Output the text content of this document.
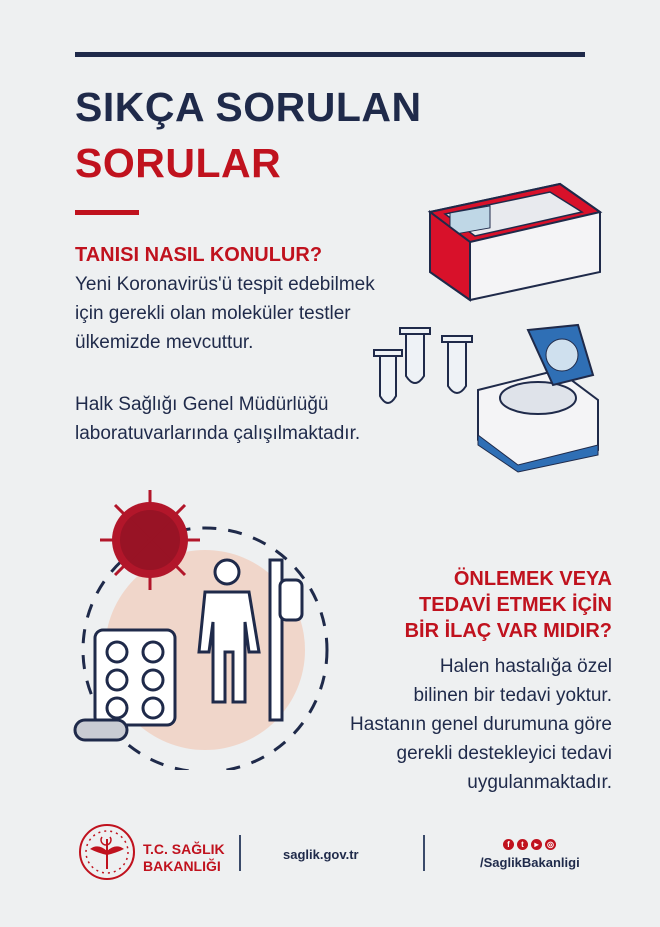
SIKÇA SORULAN
SORULAR
TANISI NASIL KONULUR?
Yeni Koronavirüs'ü tespit edebilmek
için gerekli olan moleküler testler
ülkemizde mevcuttur.
Halk Sağlığı Genel Müdürlüğü
laboratuvarlarında çalışılmaktadır.
ÖNLEMEK VEYA
TEDAVİ ETMEK İÇİN
BİR İLAÇ VAR MIDIR?
Halen hastalığa özel
bilinen bir tedavi yoktur.
Hastanın genel durumuna göre
gerekli destekleyici tedavi
uygulanmaktadır.
T.C. SAĞLIK
BAKANLIĞI
saglik.gov.tr
f	t	▸	◎
/SaglikBakanligi
